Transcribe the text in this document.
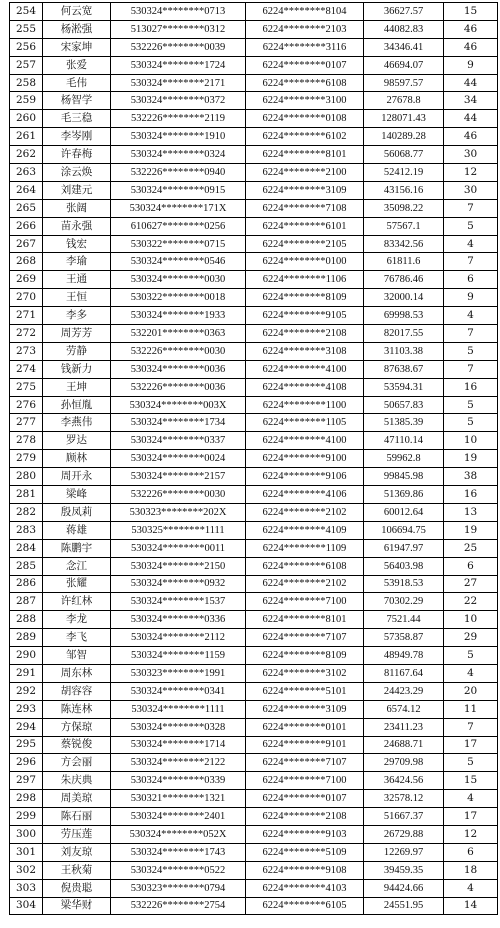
254	何云宽	530324********0713	6224********8104	36627.57	15
255	杨淞强	513027********0312	6224********2103	44082.83	46
256	宋家坤	532226********0039	6224********3116	34346.41	46
257	张爱	530324********1724	6224********0107	46694.07	9
258	毛伟	530324********2171	6224********6108	98597.57	44
259	杨智学	530324********0372	6224********3100	27678.8	34
260	毛三稳	532226********2119	6224********0108	128071.43	44
261	李岑刚	530324********1910	6224********6102	140289.28	46
262	许春梅	530324********0324	6224********8101	56068.77	30
263	涂云焕	532226********0940	6224********2100	52412.19	12
264	刘建元	530324********0915	6224********3109	43156.16	30
265	张阔	530324********171X	6224********7108	35098.22	7
266	苗永强	610627********0256	6224********6101	57567.1	5
267	钱宏	530322********0715	6224********2105	83342.56	4
268	李瑜	530324********0546	6224********0100	61811.6	7
269	王通	530324********0030	6224********1106	76786.46	6
270	王恒	530322********0018	6224********8109	32000.14	9
271	李多	530324********1933	6224********9105	69998.53	4
272	周芳芳	532201********0363	6224********2108	82017.55	7
273	劳静	532226********0030	6224********3108	31103.38	5
274	钱新力	530324********0036	6224********4100	87638.67	7
275	王坤	532226********0036	6224********4108	53594.31	16
276	孙恒胤	530324********003X	6224********1100	50657.83	5
277	李燕伟	530324********1734	6224********1105	51385.39	5
278	罗达	530324********0337	6224********4100	47110.14	10
279	顾林	530324********0024	6224********9100	59962.8	19
280	周开永	530324********2157	6224********9106	99845.98	38
281	梁峰	532226********0030	6224********4106	51369.86	16
282	殷凤莉	530323********202X	6224********2102	60012.64	13
283	蒋雄	530325********1111	6224********4109	106694.75	19
284	陈鹏宇	530324********0011	6224********1109	61947.97	25
285	念江	530324********2150	6224********6108	56403.98	6
286	张耀	530324********0932	6224********2102	53918.53	27
287	许红林	530324********1537	6224********7100	70302.29	22
288	李龙	530324********0336	6224********8101	7521.44	10
289	李飞	530324********2112	6224********7107	57358.87	29
290	邹智	530324********1159	6224********8109	48949.78	5
291	周东林	530323********1991	6224********3102	81167.64	4
292	胡容容	530324********0341	6224********5101	24423.29	20
293	陈连林	530324********1111	6224********3109	6574.12	11
294	方保琼	530324********0328	6224********0101	23411.23	7
295	蔡锐俊	530324********1714	6224********9101	24688.71	17
296	方会丽	530324********2122	6224********7107	29709.98	5
297	朱庆典	530324********0339	6224********7100	36424.56	15
298	周美琼	530321********1321	6224********0107	32578.12	4
299	陈石丽	530324********2401	6224********2108	51667.37	17
300	劳压莲	530324********052X	6224********9103	26729.88	12
301	刘友琼	530324********1743	6224********5109	12269.97	6
302	王秋菊	530324********0522	6224********9108	39459.35	18
303	倪贵聪	530323********0794	6224********4103	94424.66	4
304	梁华财	532226********2754	6224********6105	24551.95	14
